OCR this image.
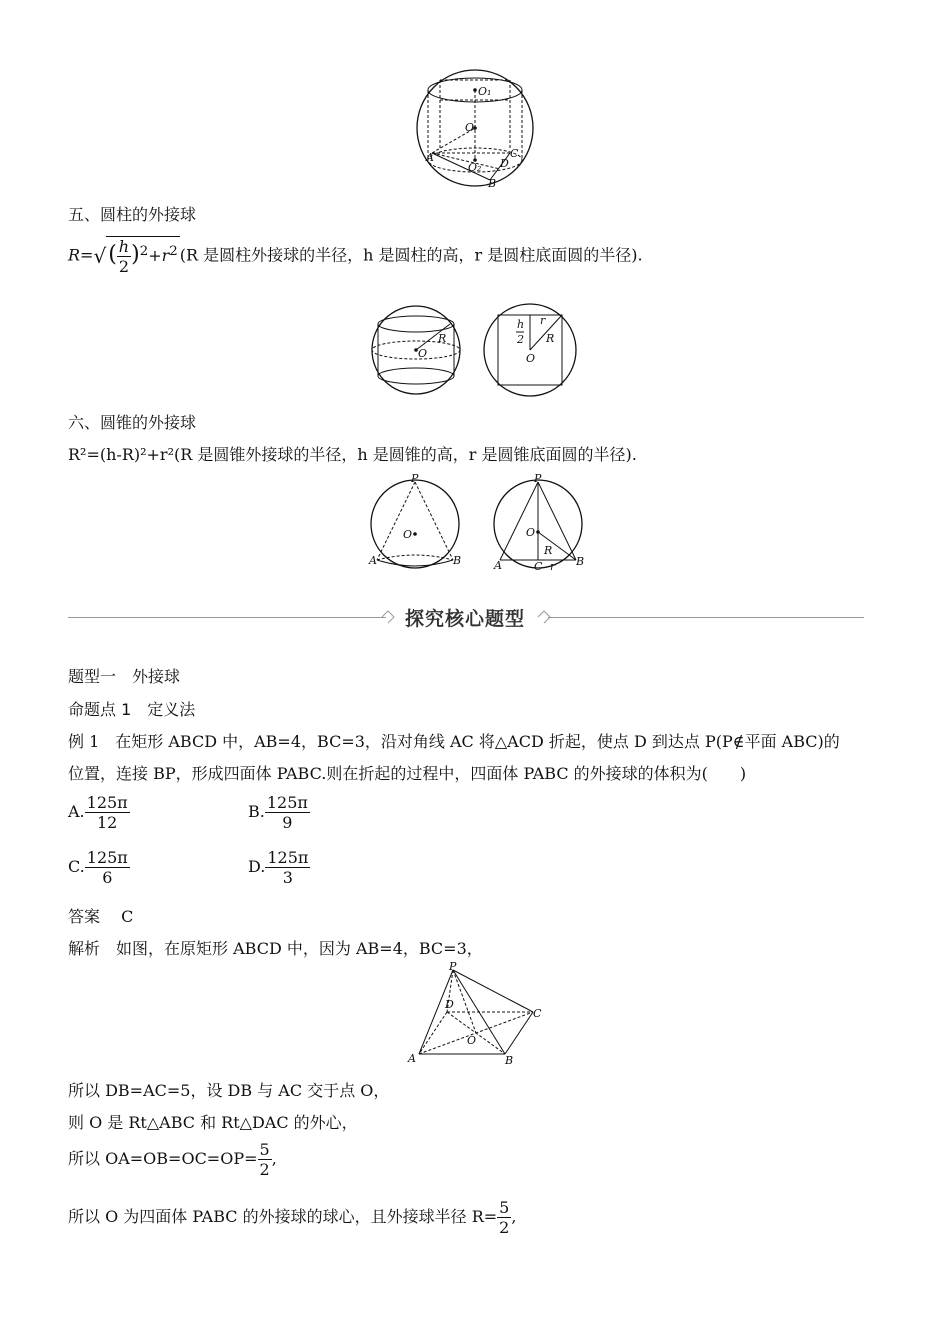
O₁
O
A	C
O₂ D
B
五、圆柱的外接球
$R=√( \frac{h}{2} )^2+r^2$ (R 是圆柱外接球的半径，h 是圆柱的高，r 是圆柱底面圆的半径).
R
O
h
2
r
R
O
六、圆锥的外接球
R²=(h-R)²+r²(R 是圆锥外接球的半径，h 是圆锥的高，r 是圆锥底面圆的半径).
P
O
A	B
P
O
A	C	B
R
r
探究核心题型
题型一　外接球
命题点 1　定义法
例 1　在矩形 ABCD 中，AB=4，BC=3，沿对角线 AC 将△ACD 折起，使点 D 到达点 P(P∉平面 ABC)的
位置，连接 BP，形成四面体 PABC.则在折起的过程中，四面体 PABC 的外接球的体积为(　　)
A. $\frac{125\pi}{12}$	B. $\frac{125\pi}{9}$
C. $\frac{125\pi}{6}$	D. $\frac{125\pi}{3}$
答案　 C
解析　 如图，在原矩形 ABCD 中，因为 AB=4，BC=3，
P
D
C
O
A	B
所以 DB=AC=5，设 DB 与 AC 交于点 O，
则 O 是 Rt△ABC 和 Rt△DAC 的外心，
所以 $OA=OB=OC=OP= \frac{5}{2}$ ,
所以 O 为四面体 PABC 的外接球的球心，且外接球半径 $R= \frac{5}{2}$ ,
